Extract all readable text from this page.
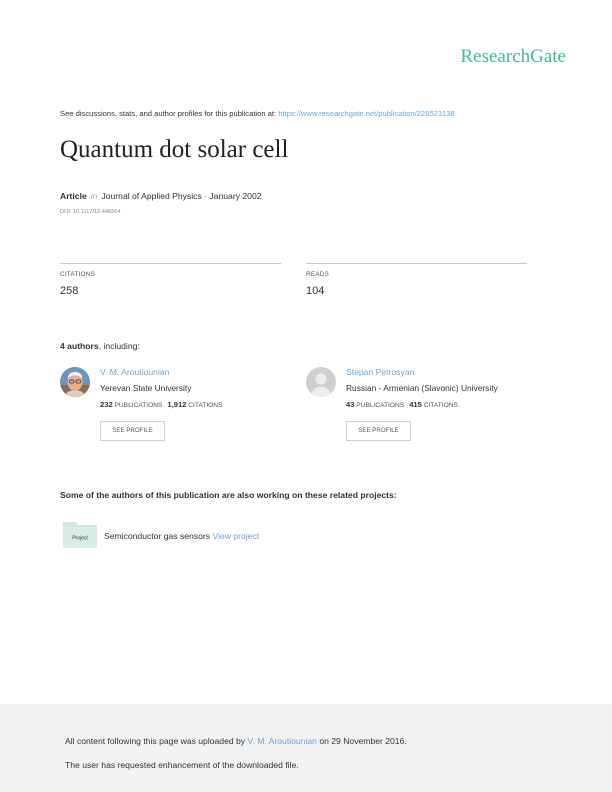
ResearchGate
See discussions, stats, and author profiles for this publication at: https://www.researchgate.net/publication/228523138
Quantum dot solar cell
Article in Journal of Applied Physics · January 2002
DOI: 10.1117/12.448264
CITATIONS	READS
258	104
4 authors, including:
V. M. Aroutiounian
Yerevan State University
232 PUBLICATIONS 1,912 CITATIONS
SEE PROFILE
Stepan Petrosyan
Russian - Armenian (Slavonic) University
43 PUBLICATIONS 415 CITATIONS
SEE PROFILE
Some of the authors of this publication are also working on these related projects:
Project Semiconductor gas sensors View project
All content following this page was uploaded by V. M. Aroutiounian on 29 November 2016.
The user has requested enhancement of the downloaded file.
